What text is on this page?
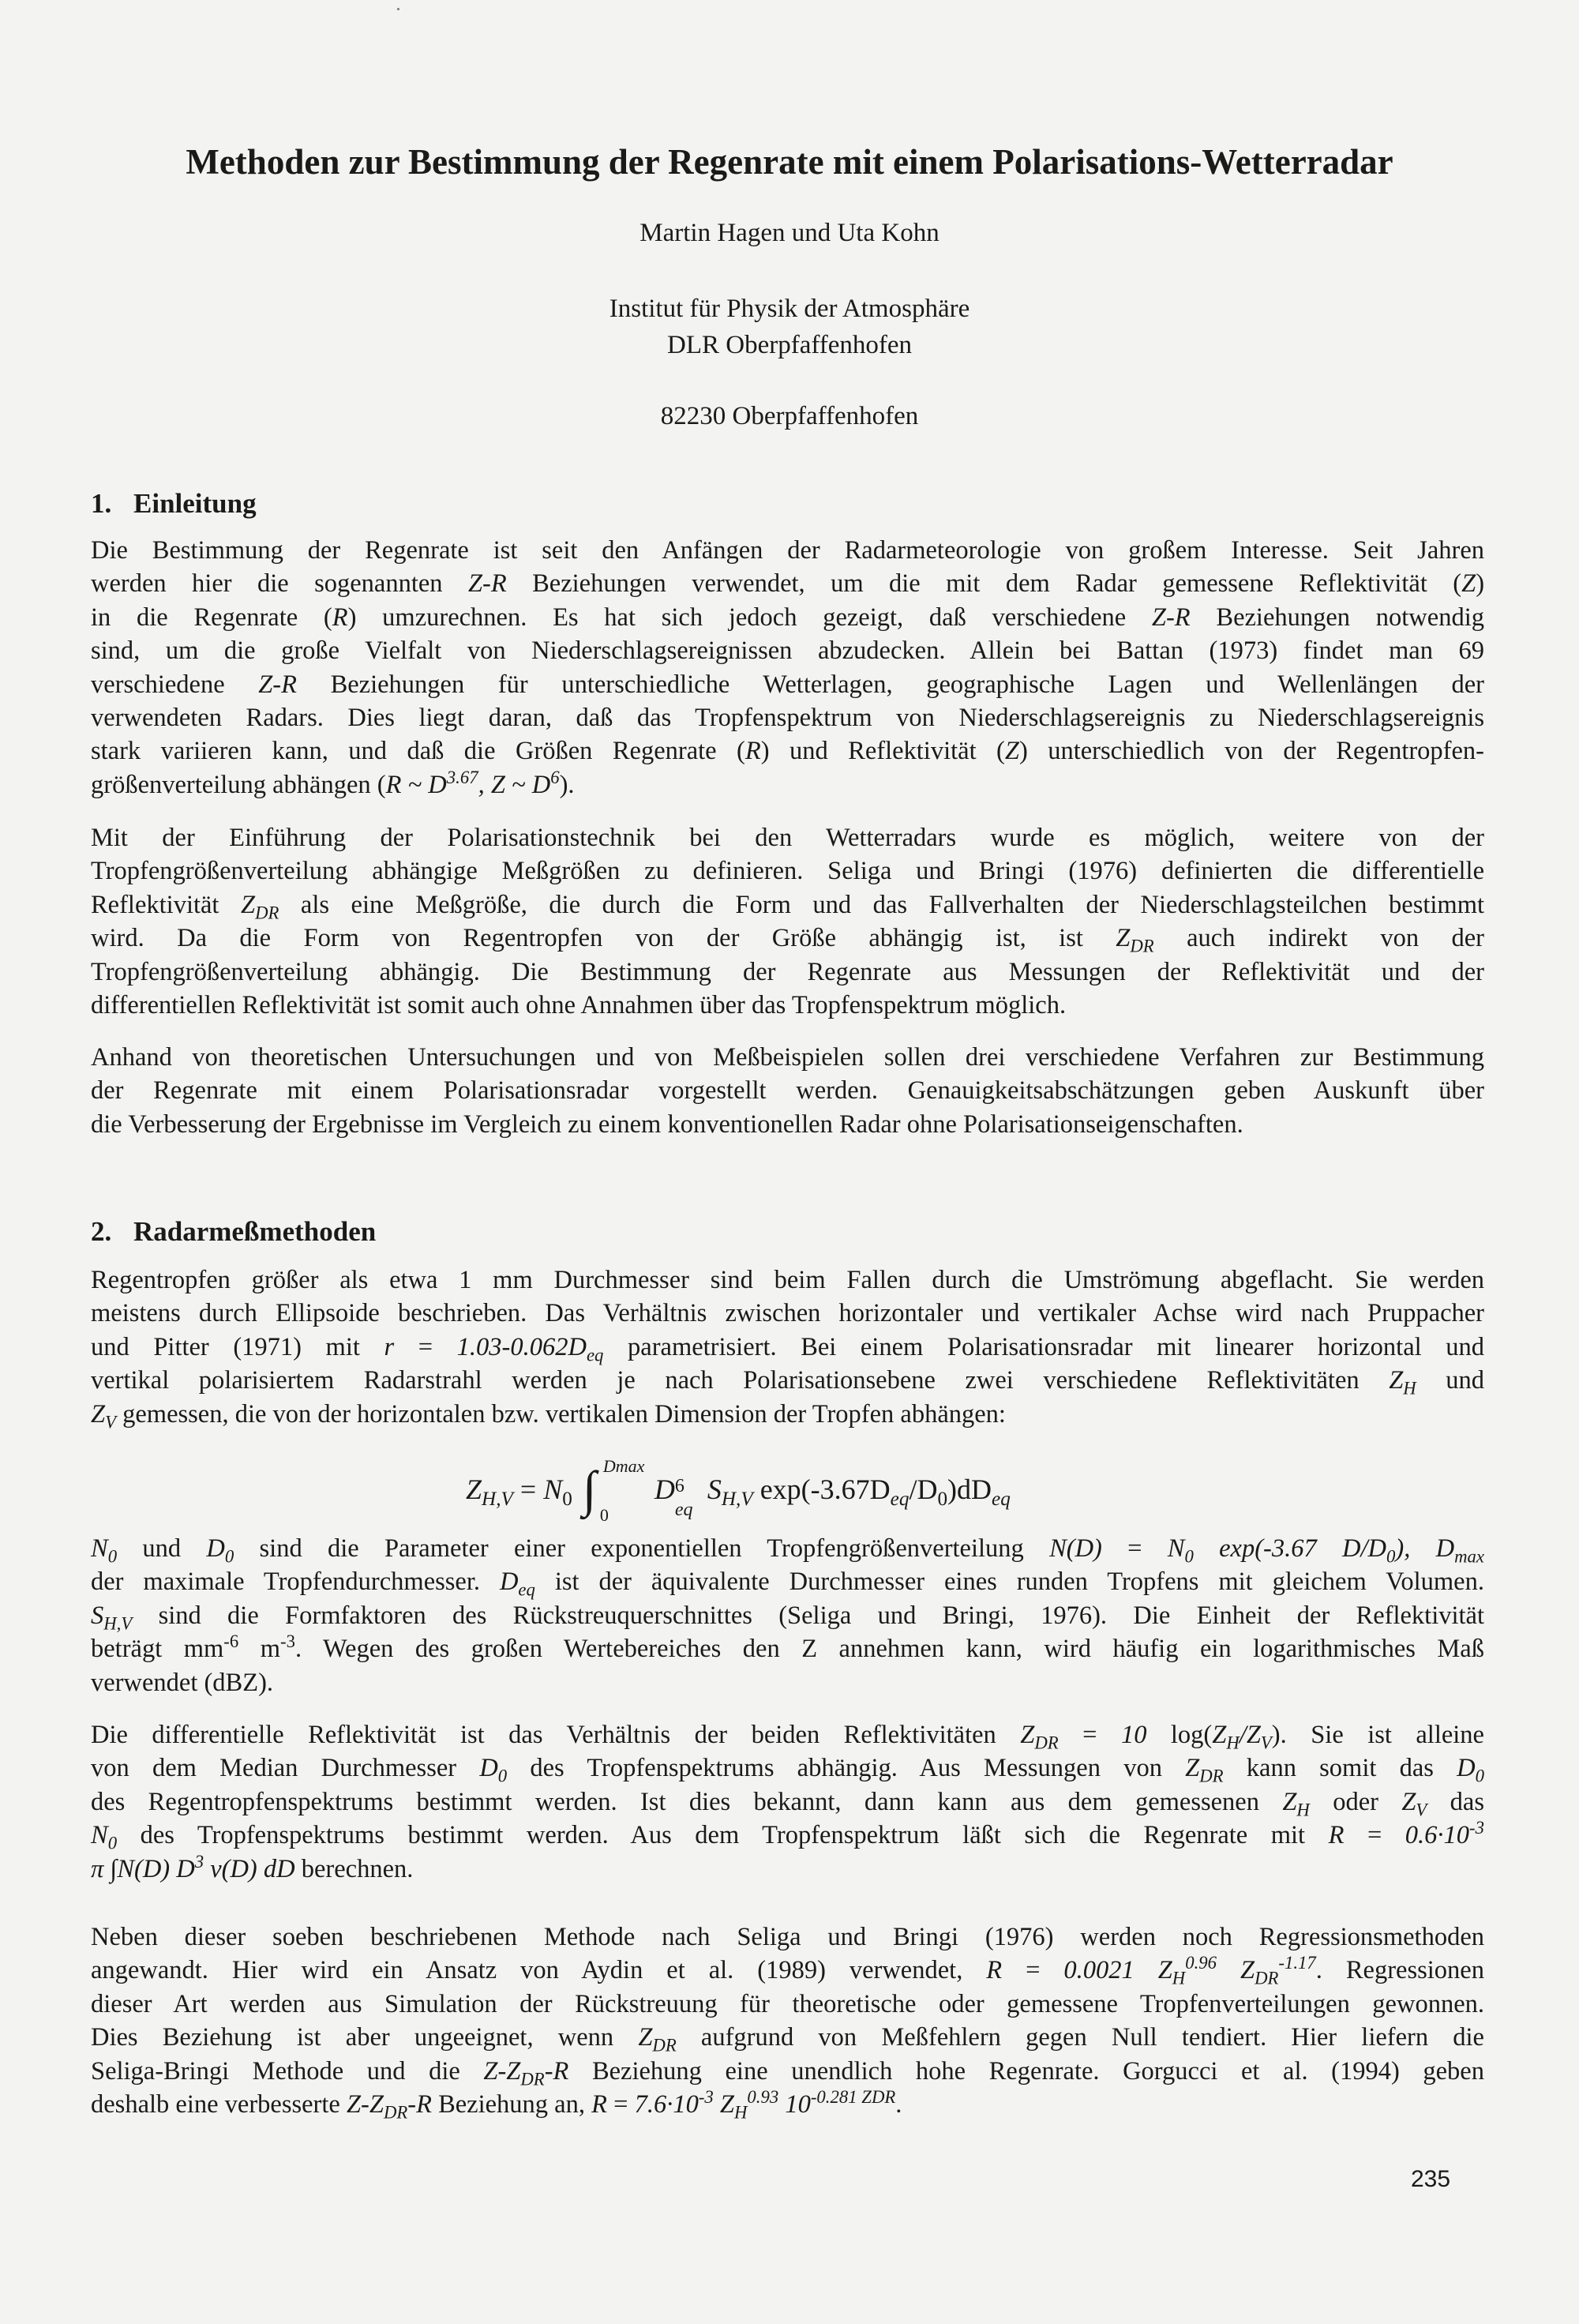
Methoden zur Bestimmung der Regenrate mit einem Polarisations-Wetterradar
Martin Hagen und Uta Kohn
Institut für Physik der Atmosphäre
DLR Oberpfaffenhofen
82230 Oberpfaffenhofen
1. Einleitung
Die Bestimmung der Regenrate ist seit den Anfängen der Radarmeteorologie von großem Interesse. Seit Jahren
werden hier die sogenannten Z-R Beziehungen verwendet, um die mit dem Radar gemessene Reflektivität (Z)
in die Regenrate (R) umzurechnen. Es hat sich jedoch gezeigt, daß verschiedene Z-R Beziehungen notwendig
sind, um die große Vielfalt von Niederschlagsereignissen abzudecken. Allein bei Battan (1973) findet man 69
verschiedene Z-R Beziehungen für unterschiedliche Wetterlagen, geographische Lagen und Wellenlängen der
verwendeten Radars. Dies liegt daran, daß das Tropfenspektrum von Niederschlagsereignis zu Niederschlagsereignis
stark variieren kann, und daß die Größen Regenrate (R) und Reflektivität (Z) unterschiedlich von der Regentropfen-
größenverteilung abhängen (R ~ $D^{3.67}$, Z ~ $D^6$).
Mit der Einführung der Polarisationstechnik bei den Wetterradars wurde es möglich, weitere von der
Tropfengrößenverteilung abhängige Meßgrößen zu definieren. Seliga und Bringi (1976) definierten die differentielle
Reflektivität $Z_{DR}$ als eine Meßgröße, die durch die Form und das Fallverhalten der Niederschlagsteilchen bestimmt
wird. Da die Form von Regentropfen von der Größe abhängig ist, ist $Z_{DR}$ auch indirekt von der
Tropfengrößenverteilung abhängig. Die Bestimmung der Regenrate aus Messungen der Reflektivität und der
differentiellen Reflektivität ist somit auch ohne Annahmen über das Tropfenspektrum möglich.
Anhand von theoretischen Untersuchungen und von Meßbeispielen sollen drei verschiedene Verfahren zur Bestimmung
der Regenrate mit einem Polarisationsradar vorgestellt werden. Genauigkeitsabschätzungen geben Auskunft über
die Verbesserung der Ergebnisse im Vergleich zu einem konventionellen Radar ohne Polarisationseigenschaften.
2. Radarmeßmethoden
Regentropfen größer als etwa 1 mm Durchmesser sind beim Fallen durch die Umströmung abgeflacht. Sie werden
meistens durch Ellipsoide beschrieben. Das Verhältnis zwischen horizontaler und vertikaler Achse wird nach Pruppacher
und Pitter (1971) mit $r = 1.03-0.062D_{eq}$ parametrisiert. Bei einem Polarisationsradar mit linearer horizontal und
vertikal polarisiertem Radarstrahl werden je nach Polarisationsebene zwei verschiedene Reflektivitäten $Z_H$ und
$Z_V$ gemessen, die von der horizontalen bzw. vertikalen Dimension der Tropfen abhängen:
$Z_{H,V} = N_0$ ∫ Dmax
0
D 6
eq
$S_{H,V}$ $\exp(-3.67D_{eq}/D_0)dD_{eq}$
$N_0$ und $D_0$ sind die Parameter einer exponentiellen Tropfengrößenverteilung $N(D) = N_0$ exp(-3.67 $D/D_0$), $D_{max}$
der maximale Tropfendurchmesser. $D_{eq}$ ist der äquivalente Durchmesser eines runden Tropfens mit gleichem Volumen.
$S_{H,V}$ sind die Formfaktoren des Rückstreuquerschnittes (Seliga und Bringi, 1976). Die Einheit der Reflektivität
beträgt $mm^{-6}$ $m^{-3}$. Wegen des großen Wertebereiches den Z annehmen kann, wird häufig ein logarithmisches Maß
verwendet (dBZ).
Die differentielle Reflektivität ist das Verhältnis der beiden Reflektivitäten $Z_{DR} = 10$ $\log(Z_H/Z_V)$. Sie ist alleine
von dem Median Durchmesser $D_0$ des Tropfenspektrums abhängig. Aus Messungen von $Z_{DR}$ kann somit das $D_0$
des Regentropfenspektrums bestimmt werden. Ist dies bekannt, dann kann aus dem gemessenen $Z_H$ oder $Z_V$ das
$N_0$ des Tropfenspektrums bestimmt werden. Aus dem Tropfenspektrum läßt sich die Regenrate mit $R = 0.6\cdot 10^{-3}$
π ∫N(D) $D^3$ v(D) dD berechnen.
Neben dieser soeben beschriebenen Methode nach Seliga und Bringi (1976) werden noch Regressionsmethoden
angewandt. Hier wird ein Ansatz von Aydin et al. (1989) verwendet, R = 0.0021 $Z_H^{0.96}$ $Z_{DR}^{-1.17}$. Regressionen
dieser Art werden aus Simulation der Rückstreuung für theoretische oder gemessene Tropfenverteilungen gewonnen.
Dies Beziehung ist aber ungeeignet, wenn $Z_{DR}$ aufgrund von Meßfehlern gegen Null tendiert. Hier liefern die
Seliga-Bringi Methode und die $Z-Z_{DR}-R$ Beziehung eine unendlich hohe Regenrate. Gorgucci et al. (1994) geben
deshalb eine verbesserte $Z-Z_{DR}-R$ Beziehung an, $R = 7.6\cdot 10^{-3}$ $Z_H^{0.93}$ $10^{-0.281 ZDR}$.
235
